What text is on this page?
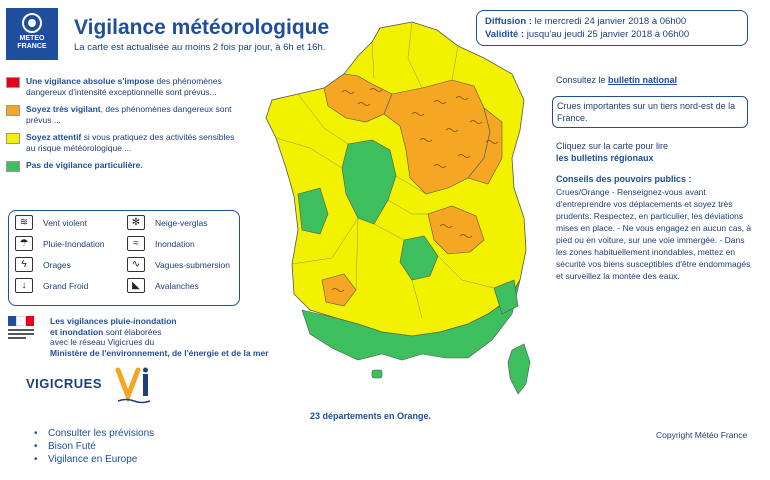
METEO
FRANCE
Vigilance météorologique
La carte est actualisée au moins 2 fois par jour, à 6h et 16h.
Diffusion : le mercredi 24 janvier 2018 à 06h00
Validité : jusqu'au jeudi 25 janvier 2018 à 06h00
Une vigilance absolue s'impose des phénomènes dangereux d'intensité exceptionnelle sont prévus...
Soyez très vigilant, des phénomènes dangereux sont prévus ...
Soyez attentif si vous pratiquez des activités sensibles au risque météorologique ...
Pas de vigilance particulière.
≋	Vent violent	✻	Neige-verglas
☂	Pluie-Inondation	≈	Inondation
ϟ	Orages	∿	Vagues-submersion
↓	Grand Froid	◣	Avalanches
Les vigilances pluie-inondation
et inondation sont élaborées
avec le réseau Vigicrues du
Ministère de l'environnement, de l'énergie et de la mer
VIGICRUES
• Consulter les prévisions
• Bison Futé
• Vigilance en Europe
23 départements en Orange.
Consultez le bulletin national
Crues importantes sur un tiers nord-est de la France.
Cliquez sur la carte pour lire
les bulletins régionaux
Conseils des pouvoirs publics :
Crues/Orange - Renseignez-vous avant d'entreprendre vos déplacements et soyez très prudents. Respectez, en particulier, les déviations mises en place. - Ne vous engagez en aucun cas, à pied ou en voiture, sur une voie immergée. - Dans les zones habituellement inondables, mettez en sécurité vos biens susceptibles d'être endommagés et surveillez la montée des eaux.
Copyright Météo France
